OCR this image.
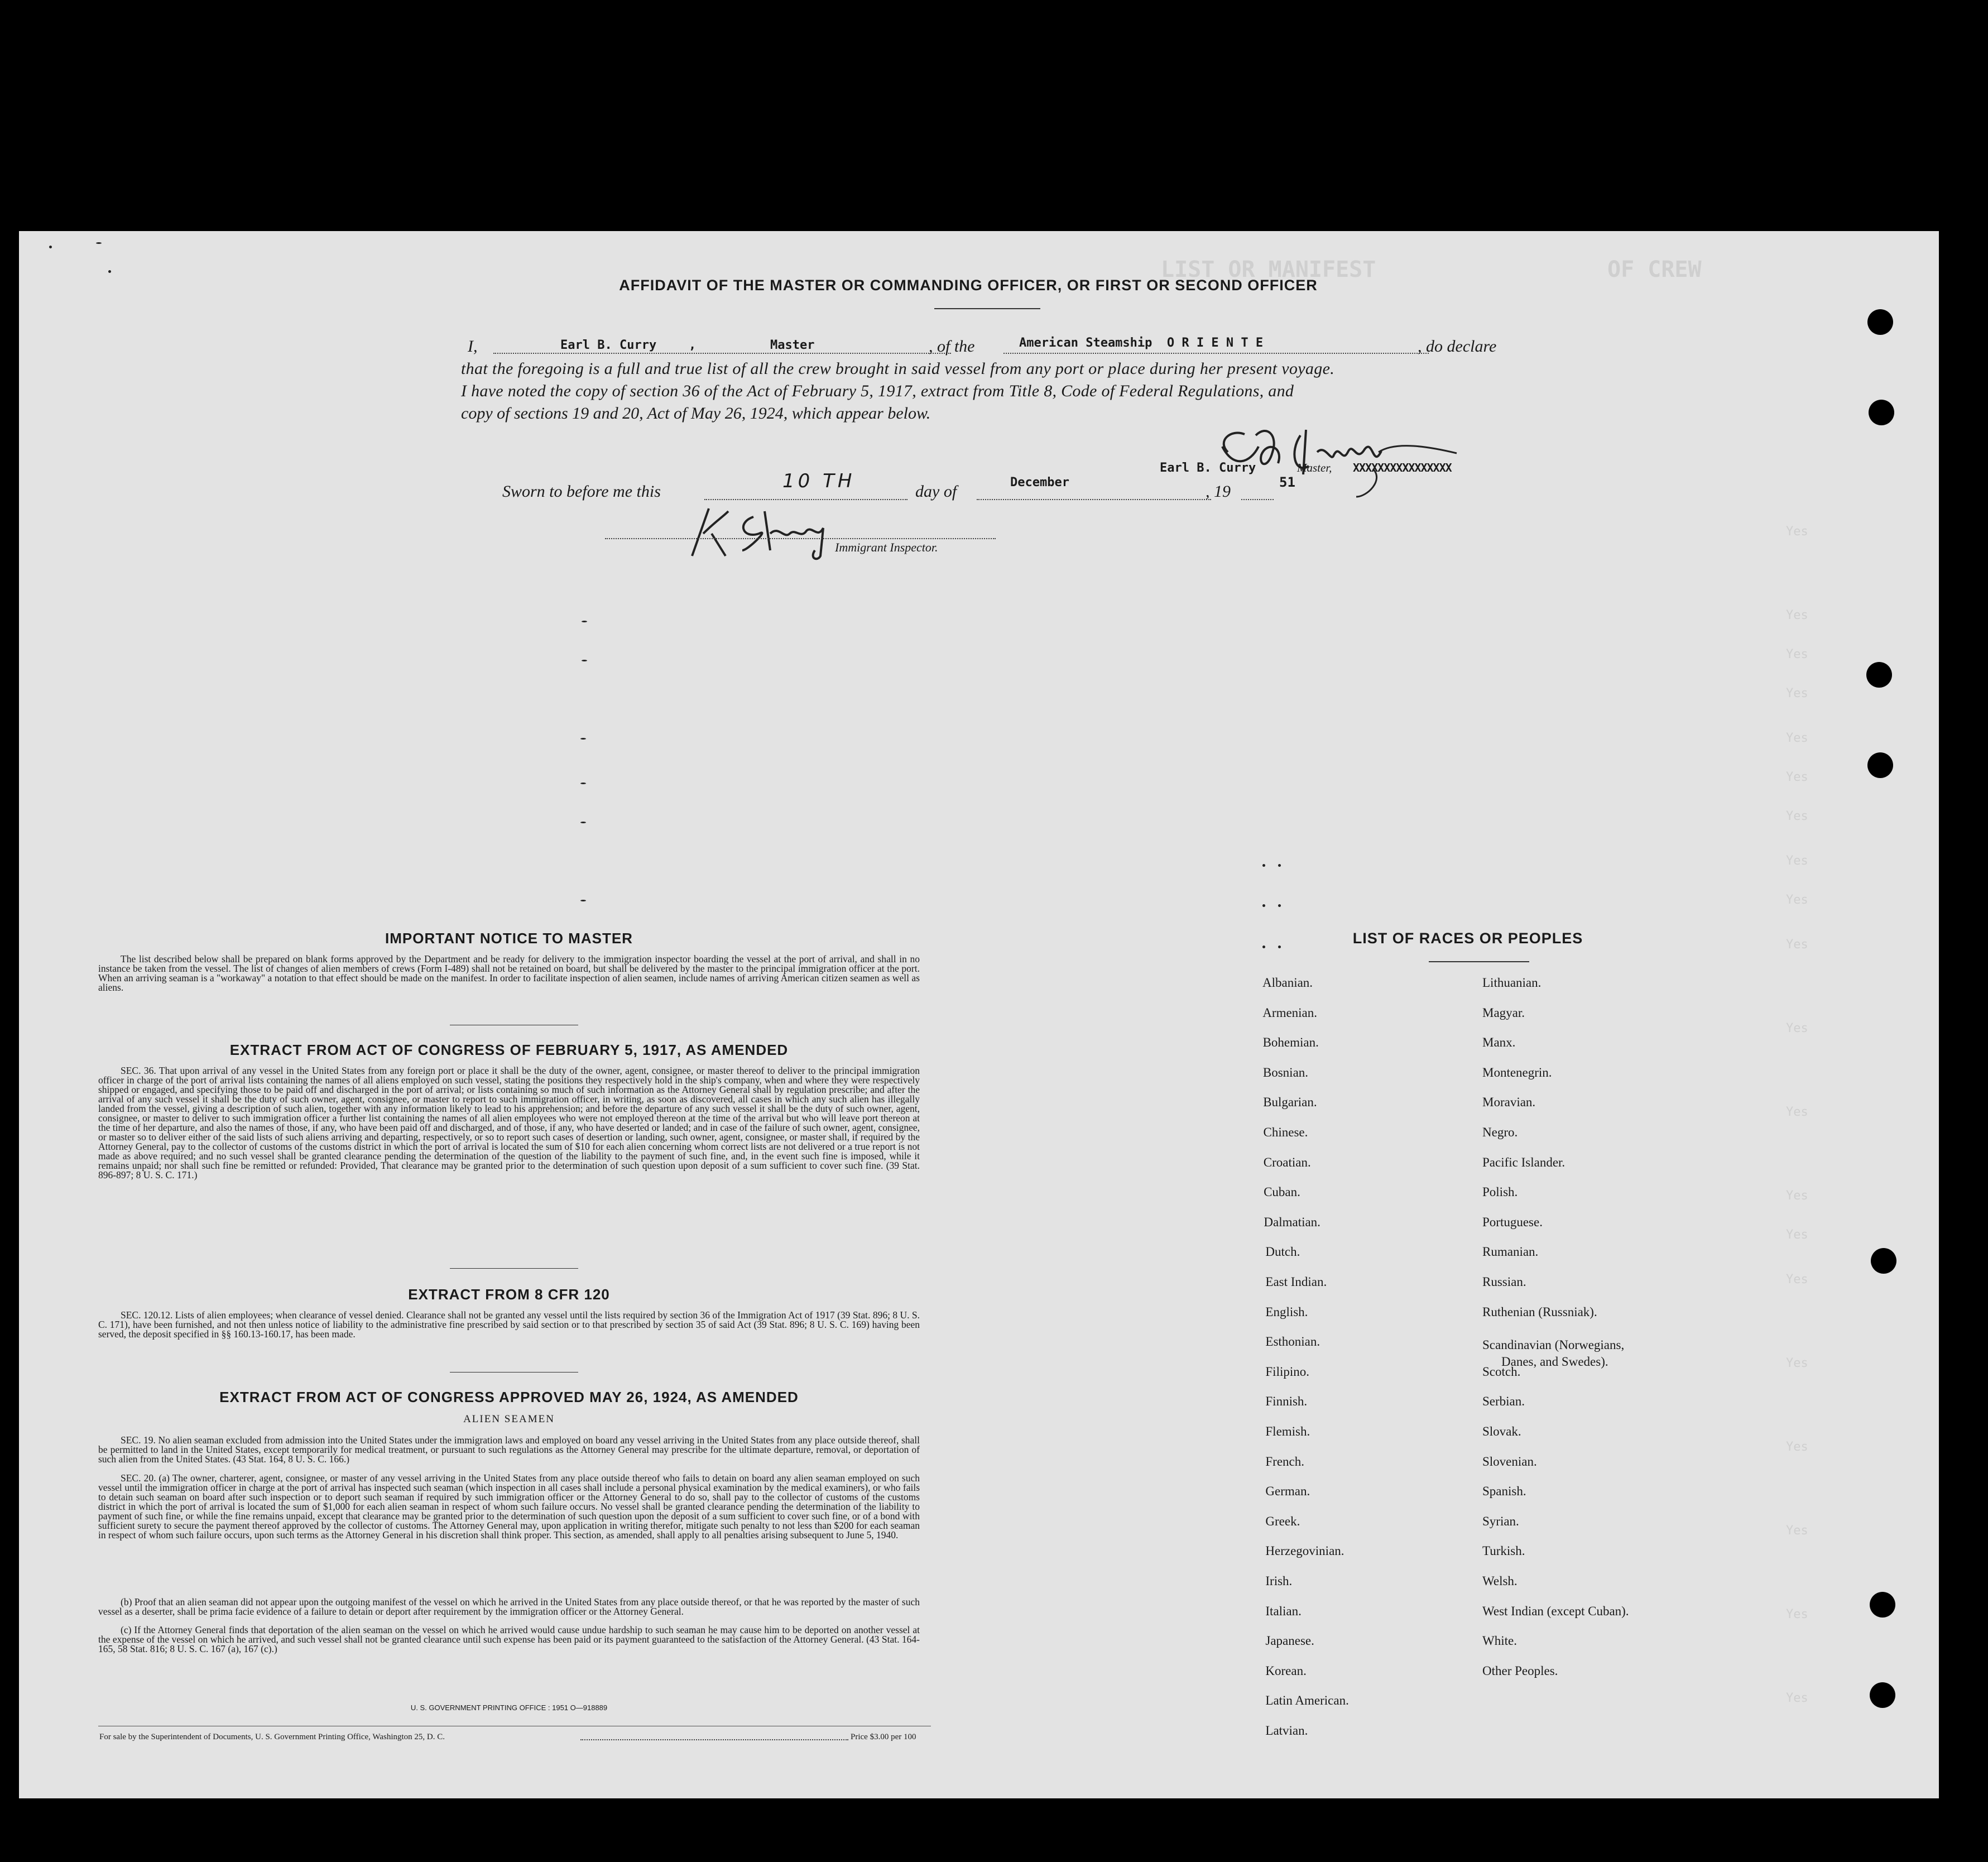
LIST OR MANIFEST	OF CREW
Yes
Yes
Yes
Yes
Yes
Yes
Yes
Yes
Yes
Yes
Yes
Yes
Yes
Yes
Yes
Yes
Yes
Yes
Yes
Yes
AFFIDAVIT OF THE MASTER OR COMMANDING OFFICER, OR FIRST OR SECOND OFFICER
I,	Earl B. Curry	,	Master	, of the	American Steamship  O R I E N T E	, do declare
that the foregoing is a full and true list of all the crew brought in said vessel from any port or place during her present voyage.
I have noted the copy of section 36 of the Act of February 5, 1917, extract from Title 8, Code of Federal Regulations, and
copy of sections 19 and 20, Act of May 26, 1924, which appear below.
Earl B. Curry	Master, XXXXXXXXXXXXXXXX
Sworn to before me this	10 TH	day of	December	, 19	51
Immigrant Inspector.
IMPORTANT NOTICE TO MASTER
The list described below shall be prepared on blank forms approved by the Department and be ready for delivery to the immigration inspector boarding the vessel at the port of arrival, and shall in no instance be taken from the vessel. The list of changes of alien members of crews (Form I-489) shall not be retained on board, but shall be delivered by the master to the principal immigration officer at the port. When an arriving seaman is a "workaway" a notation to that effect should be made on the manifest. In order to facilitate inspection of alien seamen, include names of arriving American citizen seamen as well as aliens.
EXTRACT FROM ACT OF CONGRESS OF FEBRUARY 5, 1917, AS AMENDED
SEC. 36. That upon arrival of any vessel in the United States from any foreign port or place it shall be the duty of the owner, agent, consignee, or master thereof to deliver to the principal immigration officer in charge of the port of arrival lists containing the names of all aliens employed on such vessel, stating the positions they respectively hold in the ship's company, when and where they were respectively shipped or engaged, and specifying those to be paid off and discharged in the port of arrival; or lists containing so much of such information as the Attorney General shall by regulation prescribe; and after the arrival of any such vessel it shall be the duty of such owner, agent, consignee, or master to report to such immigration officer, in writing, as soon as discovered, all cases in which any such alien has illegally landed from the vessel, giving a description of such alien, together with any information likely to lead to his apprehension; and before the departure of any such vessel it shall be the duty of such owner, agent, consignee, or master to deliver to such immigration officer a further list containing the names of all alien employees who were not employed thereon at the time of the arrival but who will leave port thereon at the time of her departure, and also the names of those, if any, who have been paid off and discharged, and of those, if any, who have deserted or landed; and in case of the failure of such owner, agent, consignee, or master so to deliver either of the said lists of such aliens arriving and departing, respectively, or so to report such cases of desertion or landing, such owner, agent, consignee, or master shall, if required by the Attorney General, pay to the collector of customs of the customs district in which the port of arrival is located the sum of $10 for each alien concerning whom correct lists are not delivered or a true report is not made as above required; and no such vessel shall be granted clearance pending the determination of the question of the liability to the payment of such fine, and, in the event such fine is imposed, while it remains unpaid; nor shall such fine be remitted or refunded: Provided, That clearance may be granted prior to the determination of such question upon deposit of a sum sufficient to cover such fine. (39 Stat. 896-897; 8 U. S. C. 171.)
EXTRACT FROM 8 CFR 120
SEC. 120.12. Lists of alien employees; when clearance of vessel denied. Clearance shall not be granted any vessel until the lists required by section 36 of the Immigration Act of 1917 (39 Stat. 896; 8 U. S. C. 171), have been furnished, and not then unless notice of liability to the administrative fine prescribed by said section or to that prescribed by section 35 of said Act (39 Stat. 896; 8 U. S. C. 169) having been served, the deposit specified in §§ 160.13-160.17, has been made.
EXTRACT FROM ACT OF CONGRESS APPROVED MAY 26, 1924, AS AMENDED
ALIEN SEAMEN
SEC. 19. No alien seaman excluded from admission into the United States under the immigration laws and employed on board any vessel arriving in the United States from any place outside thereof, shall be permitted to land in the United States, except temporarily for medical treatment, or pursuant to such regulations as the Attorney General may prescribe for the ultimate departure, removal, or deportation of such alien from the United States. (43 Stat. 164, 8 U. S. C. 166.)
SEC. 20. (a) The owner, charterer, agent, consignee, or master of any vessel arriving in the United States from any place outside thereof who fails to detain on board any alien seaman employed on such vessel until the immigration officer in charge at the port of arrival has inspected such seaman (which inspection in all cases shall include a personal physical examination by the medical examiners), or who fails to detain such seaman on board after such inspection or to deport such seaman if required by such immigration officer or the Attorney General to do so, shall pay to the collector of customs of the customs district in which the port of arrival is located the sum of $1,000 for each alien seaman in respect of whom such failure occurs. No vessel shall be granted clearance pending the determination of the liability to payment of such fine, or while the fine remains unpaid, except that clearance may be granted prior to the determination of such question upon the deposit of a sum sufficient to cover such fine, or of a bond with sufficient surety to secure the payment thereof approved by the collector of customs. The Attorney General may, upon application in writing therefor, mitigate such penalty to not less than $200 for each seaman in respect of whom such failure occurs, upon such terms as the Attorney General in his discretion shall think proper. This section, as amended, shall apply to all penalties arising subsequent to June 5, 1940.
(b) Proof that an alien seaman did not appear upon the outgoing manifest of the vessel on which he arrived in the United States from any place outside thereof, or that he was reported by the master of such vessel as a deserter, shall be prima facie evidence of a failure to detain or deport after requirement by the immigration officer or the Attorney General.
(c) If the Attorney General finds that deportation of the alien seaman on the vessel on which he arrived would cause undue hardship to such seaman he may cause him to be deported on another vessel at the expense of the vessel on which he arrived, and such vessel shall not be granted clearance until such expense has been paid or its payment guaranteed to the satisfaction of the Attorney General. (43 Stat. 164-165, 58 Stat. 816; 8 U. S. C. 167 (a), 167 (c).)
U. S. GOVERNMENT PRINTING OFFICE : 1951 O—918889
For sale by the Superintendent of Documents, U. S. Government Printing Office, Washington 25, D. C.	Price $3.00 per 100
LIST OF RACES OR PEOPLES
Albanian.
Armenian.
Bohemian.
Bosnian.
Bulgarian.
Chinese.
Croatian.
Cuban.
Dalmatian.
Dutch.
East Indian.
English.
Esthonian.
Filipino.
Finnish.
Flemish.
French.
German.
Greek.
Herzegovinian.
Irish.
Italian.
Japanese.
Korean.
Latin American.
Latvian.
Lithuanian.
Magyar.
Manx.
Montenegrin.
Moravian.
Negro.
Pacific Islander.
Polish.
Portuguese.
Rumanian.
Russian.
Ruthenian (Russniak).
Scandinavian (Norwegians,
Danes, and Swedes).
Scotch.
Serbian.
Slovak.
Slovenian.
Spanish.
Syrian.
Turkish.
Welsh.
West Indian (except Cuban).
White.
Other Peoples.
